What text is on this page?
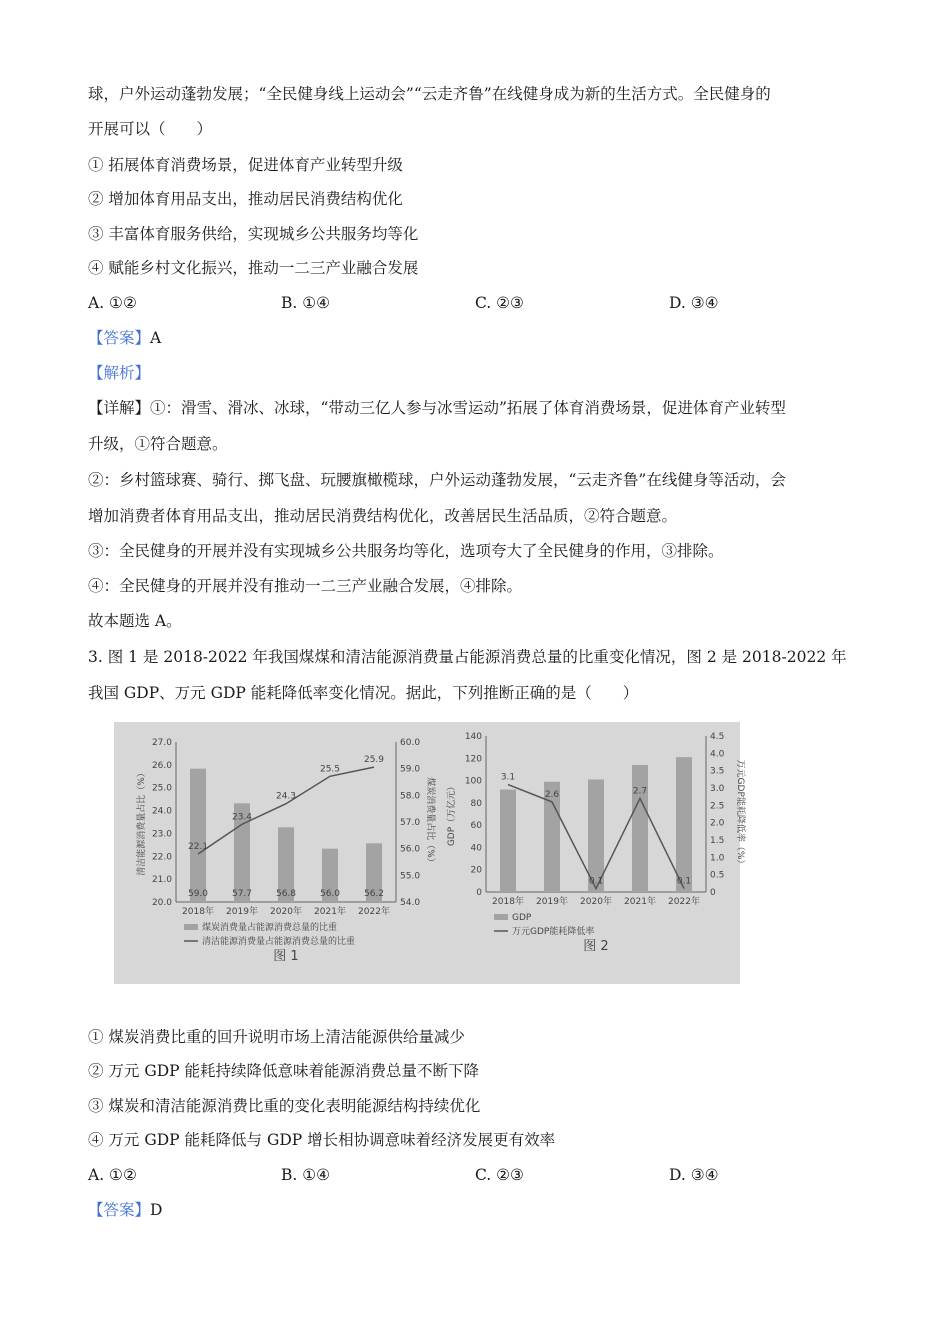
球，户外运动蓬勃发展；“全民健身线上运动会”“云走齐鲁”在线健身成为新的生活方式。全民健身的
开展可以（　　）
① 拓展体育消费场景，促进体育产业转型升级
② 增加体育用品支出，推动居民消费结构优化
③ 丰富体育服务供给，实现城乡公共服务均等化
④ 赋能乡村文化振兴，推动一二三产业融合发展
A. ①②	B. ①④	C. ②③	D. ③④
【答案】A
【解析】
【详解】①：滑雪、滑冰、冰球，“带动三亿人参与冰雪运动”拓展了体育消费场景，促进体育产业转型
升级，①符合题意。
②：乡村篮球赛、骑行、掷飞盘、玩腰旗橄榄球，户外运动蓬勃发展，“云走齐鲁”在线健身等活动，会
增加消费者体育用品支出，推动居民消费结构优化，改善居民生活品质，②符合题意。
③：全民健身的开展并没有实现城乡公共服务均等化，选项夸大了全民健身的作用，③排除。
④：全民健身的开展并没有推动一二三产业融合发展，④排除。
故本题选 A。
3. 图 1 是 2018-2022 年我国煤煤和清洁能源消费量占能源消费总量的比重变化情况，图 2 是 2018-2022 年
我国 GDP、万元 GDP 能耗降低率变化情况。据此，下列推断正确的是（　　）
20.0
21.0
22.0
23.0
24.0
25.0
26.0
27.0
54.0
55.0
56.0
57.0
58.0
59.0
60.0
清洁能源消费量占比（%）	煤炭消费量占比（%）
2018年 2019年 2020年 2021年 2022年
22.1
23.4
24.3
25.5
25.9
59.0	57.7	56.8	56.0	56.2
煤炭消费量占能源消费总量的比重
清洁能源消费量占能源消费总量的比重
图 1
0
20
40
60
80
100
120
140
0
0.5
1.0
1.5
2.0
2.5
3.0
3.5
4.0
4.5
GDP（万亿元）	万元GDP能耗降低率（%）
2018年 2019年 2020年 2021年 2022年
3.1
2.6
0.1
2.7
0.1
GDP
万元GDP能耗降低率
图 2
① 煤炭消费比重的回升说明市场上清洁能源供给量减少
② 万元 GDP 能耗持续降低意味着能源消费总量不断下降
③ 煤炭和清洁能源消费比重的变化表明能源结构持续优化
④ 万元 GDP 能耗降低与 GDP 增长相协调意味着经济发展更有效率
A. ①②	B. ①④	C. ②③	D. ③④
【答案】D
